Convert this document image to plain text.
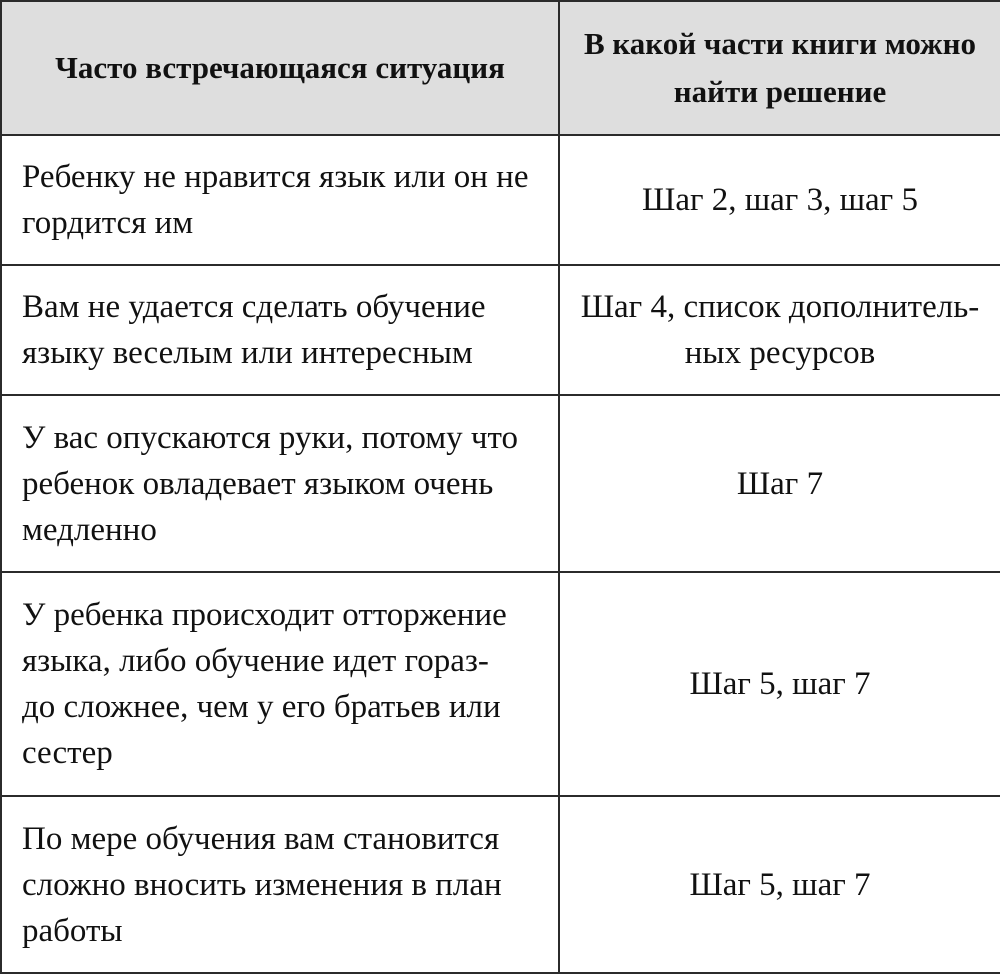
Часто встречающаяся ситуация	В какой части книги можно
найти решение

Ребенку не нравится язык или он не
гордится им	Шаг 2, шаг 3, шаг 5

Вам не удается сделать обучение
языку веселым или интересным	Шаг 4, список дополнитель-
ных ресурсов

У вас опускаются руки, потому что
ребенок овладевает языком очень
медленно	Шаг 7

У ребенка происходит отторжение
языка, либо обучение идет гораз-
до сложнее, чем у его братьев или
сестер	Шаг 5, шаг 7

По мере обучения вам становится
сложно вносить изменения в план
работы	Шаг 5, шаг 7
